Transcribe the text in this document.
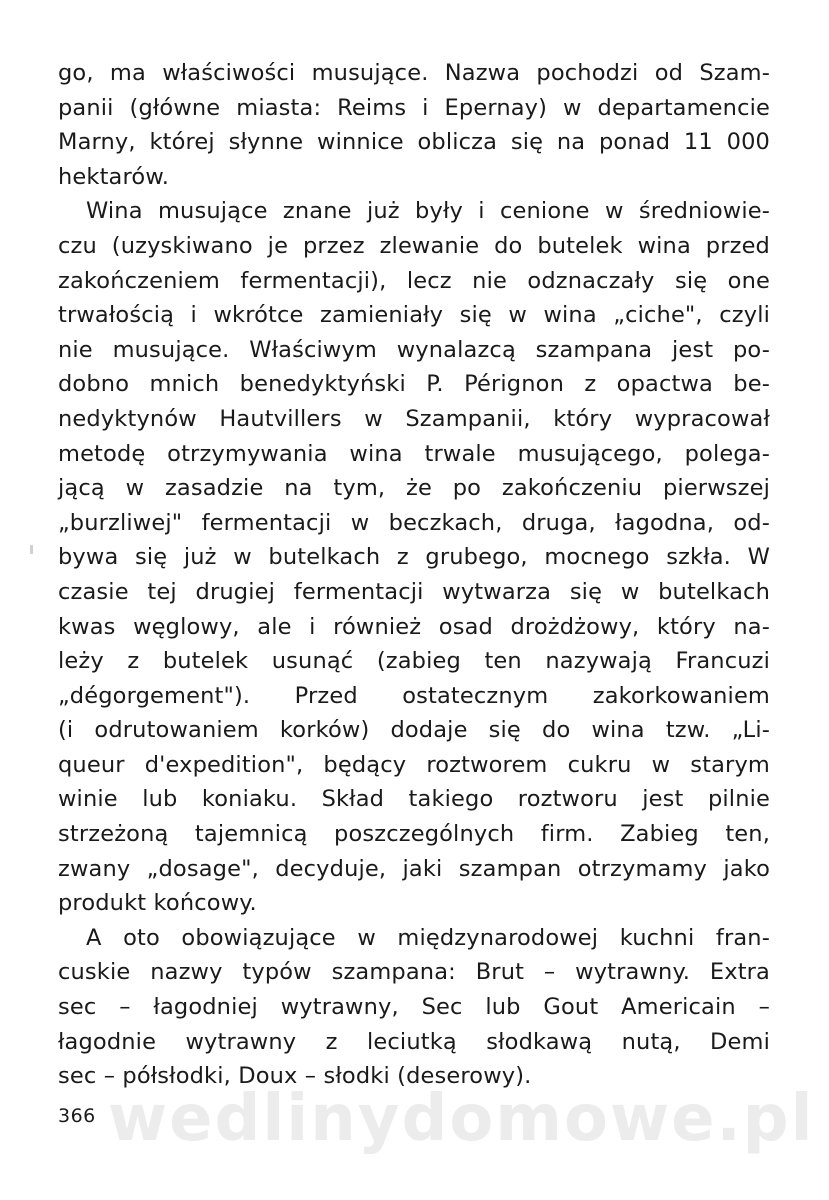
go, ma właściwości musujące. Nazwa pochodzi od Szam-
panii (główne miasta: Reims i Epernay) w departamencie
Marny, której słynne winnice oblicza się na ponad 11 000
hektarów.
Wina musujące znane już były i cenione w średniowie-
czu (uzyskiwano je przez zlewanie do butelek wina przed
zakończeniem fermentacji), lecz nie odznaczały się one
trwałością i wkrótce zamieniały się w wina „ciche", czyli
nie musujące. Właściwym wynalazcą szampana jest po-
dobno mnich benedyktyński P. Pérignon z opactwa be-
nedyktynów Hautvillers w Szampanii, który wypracował
metodę otrzymywania wina trwale musującego, polega-
jącą w zasadzie na tym, że po zakończeniu pierwszej
„burzliwej" fermentacji w beczkach, druga, łagodna, od-
bywa się już w butelkach z grubego, mocnego szkła. W
czasie tej drugiej fermentacji wytwarza się w butelkach
kwas węglowy, ale i również osad drożdżowy, który na-
leży z butelek usunąć (zabieg ten nazywają Francuzi
„dégorgement"). Przed ostatecznym zakorkowaniem
(i odrutowaniem korków) dodaje się do wina tzw. „Li-
queur d'expedition", będący roztworem cukru w starym
winie lub koniaku. Skład takiego roztworu jest pilnie
strzeżoną tajemnicą poszczególnych firm. Zabieg ten,
zwany „dosage", decyduje, jaki szampan otrzymamy jako
produkt końcowy.
A oto obowiązujące w międzynarodowej kuchni fran-
cuskie nazwy typów szampana: Brut – wytrawny. Extra
sec – łagodniej wytrawny, Sec lub Gout Americain –
łagodnie wytrawny z leciutką słodkawą nutą, Demi
sec – półsłodki, Doux – słodki (deserowy).
wedlinydomowe.pl
366
